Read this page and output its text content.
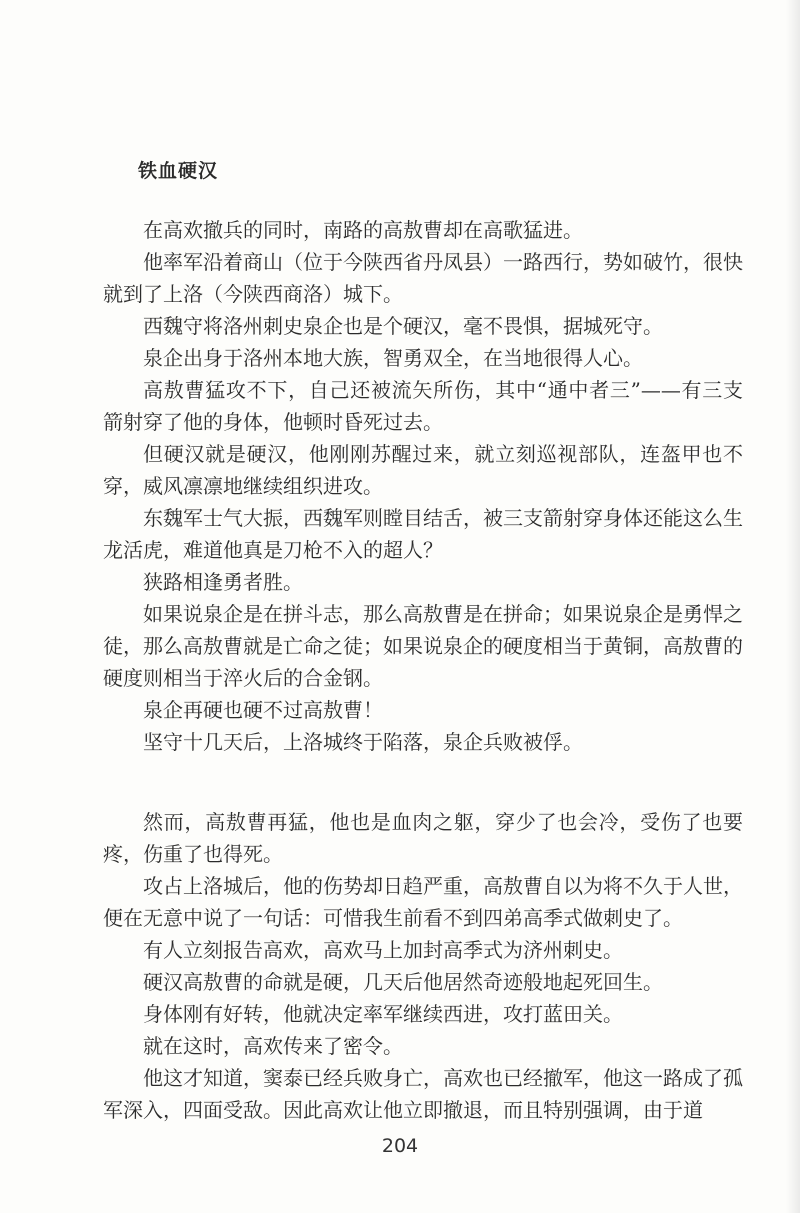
铁血硬汉

在高欢撤兵的同时，南路的高敖曹却在高歌猛进。

他率军沿着商山（位于今陕西省丹凤县）一路西行，势如破竹，很快就到了上洛（今陕西商洛）城下。

西魏守将洛州刺史泉企也是个硬汉，毫不畏惧，据城死守。

泉企出身于洛州本地大族，智勇双全，在当地很得人心。

高敖曹猛攻不下，自己还被流矢所伤，其中“通中者三”——有三支箭射穿了他的身体，他顿时昏死过去。

但硬汉就是硬汉，他刚刚苏醒过来，就立刻巡视部队，连盔甲也不穿，威风凛凛地继续组织进攻。

东魏军士气大振，西魏军则瞠目结舌，被三支箭射穿身体还能这么生龙活虎，难道他真是刀枪不入的超人？

狭路相逢勇者胜。

如果说泉企是在拼斗志，那么高敖曹是在拼命；如果说泉企是勇悍之徒，那么高敖曹就是亡命之徒；如果说泉企的硬度相当于黄铜，高敖曹的硬度则相当于淬火后的合金钢。

泉企再硬也硬不过高敖曹！

坚守十几天后，上洛城终于陷落，泉企兵败被俘。

然而，高敖曹再猛，他也是血肉之躯，穿少了也会冷，受伤了也要疼，伤重了也得死。

攻占上洛城后，他的伤势却日趋严重，高敖曹自以为将不久于人世，便在无意中说了一句话：可惜我生前看不到四弟高季式做刺史了。

有人立刻报告高欢，高欢马上加封高季式为济州刺史。

硬汉高敖曹的命就是硬，几天后他居然奇迹般地起死回生。

身体刚有好转，他就决定率军继续西进，攻打蓝田关。

就在这时，高欢传来了密令。

他这才知道，窦泰已经兵败身亡，高欢也已经撤军，他这一路成了孤军深入，四面受敌。因此高欢让他立即撤退，而且特别强调，由于道

204
